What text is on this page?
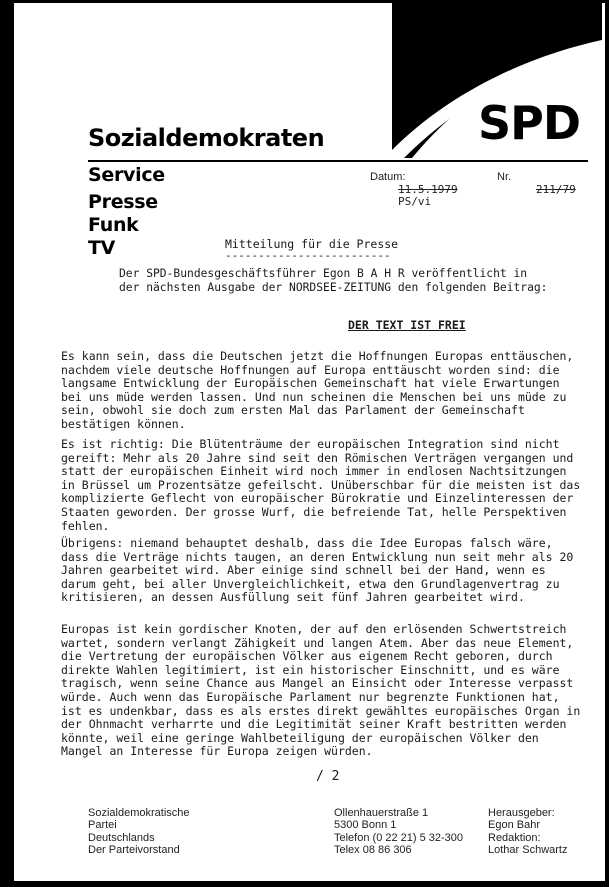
SPD
Sozialdemokraten
Service
Presse
Funk
TV
Datum:
11.5.1979
Nr.
211/79
PS/vi
Mitteilung für die Presse
-------------------------
Der SPD-Bundesgeschäftsführer Egon B A H R veröffentlicht in der nächsten Ausgabe der NORDSEE-ZEITUNG den folgenden Beitrag:
DER TEXT IST FREI
Es kann sein, dass die Deutschen jetzt die Hoffnungen Europas enttäuschen, nachdem viele deutsche Hoffnungen auf Europa enttäuscht worden sind: die langsame Entwicklung der Europäischen Gemeinschaft hat viele Erwartungen bei uns müde werden lassen. Und nun scheinen die Menschen bei uns müde zu sein, obwohl sie doch zum ersten Mal das Parlament der Gemeinschaft bestätigen können.
Es ist richtig: Die Blütenträume der europäischen Integration sind nicht gereift: Mehr als 20 Jahre sind seit den Römischen Verträgen vergangen und statt der europäischen Einheit wird noch immer in endlosen Nachtsitzungen in Brüssel um Prozentsätze gefeilscht. Unüberschbar für die meisten ist das komplizierte Geflecht von europäischer Bürokratie und Einzelinteressen der Staaten geworden. Der grosse Wurf, die befreiende Tat, helle Perspektiven fehlen.
Übrigens: niemand behauptet deshalb, dass die Idee Europas falsch wäre, dass die Verträge nichts taugen, an deren Entwicklung nun seit mehr als 20 Jahren gearbeitet wird. Aber einige sind schnell bei der Hand, wenn es darum geht, bei aller Unvergleichlichkeit, etwa den Grundlagenvertrag zu kritisieren, an dessen Ausfüllung seit fünf Jahren gearbeitet wird.
Europas ist kein gordischer Knoten, der auf den erlösenden Schwertstreich wartet, sondern verlangt Zähigkeit und langen Atem. Aber das neue Element, die Vertretung der europäischen Völker aus eigenem Recht geboren, durch direkte Wahlen legitimiert, ist ein historischer Einschnitt, und es wäre tragisch, wenn seine Chance aus Mangel an Einsicht oder Interesse verpasst würde. Auch wenn das Europäische Parlament nur begrenzte Funktionen hat, ist es undenkbar, dass es als erstes direkt gewähltes europäisches Organ in der Ohnmacht verharrte und die Legitimität seiner Kraft bestritten werden könnte, weil eine geringe Wahlbeteiligung der europäischen Völker den Mangel an Interesse für Europa zeigen würden.
/ 2
Sozialdemokratische
Partei
Deutschlands
Der Parteivorstand
Ollenhauerstraße 1
5300 Bonn 1
Telefon (0 22 21) 5 32-300
Telex 08 86 306
Herausgeber:
Egon Bahr
Redaktion:
Lothar Schwartz
